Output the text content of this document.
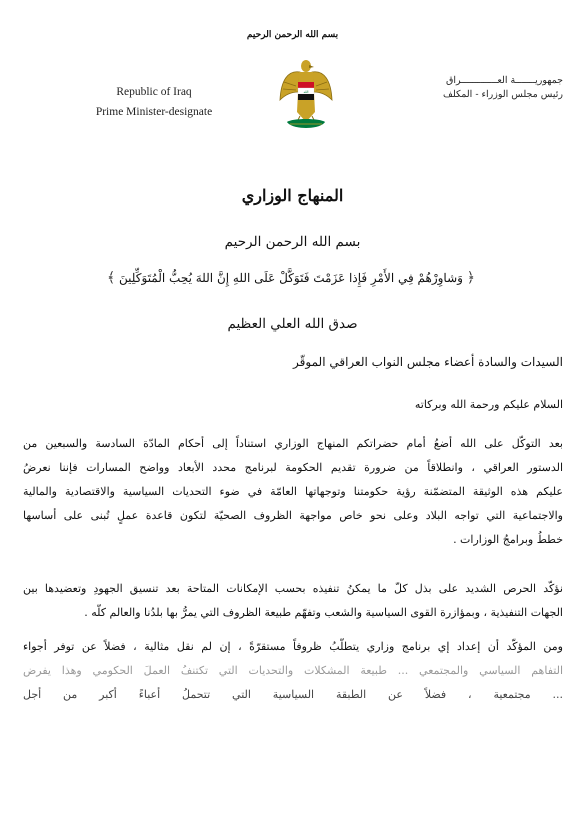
بسم الله الرحمن الرحيم
Republic of Iraq
Prime Minister-designate
الله
جمهوريـــــــة العـــــــــــــراق
رئيس مجلس الوزراء - المكلف
المنهاج الوزاري
بسم الله الرحمن الرحيم
﴿ وَشاوِرْهُمْ فِي الأَمْرِ فَإِذا عَزَمْتَ فَتَوَكَّلْ عَلَى اللهِ إِنَّ اللهَ يُحِبُّ الْمُتَوَكِّلِينَ ﴾
صدق الله العلي العظيم
السيدات والسادة أعضاء مجلس النواب العراقي الموقّر
السلام عليكم ورحمة الله وبركاته
بعد التوكّل على الله أضعُ أمام حضراتكم المنهاج الوزاري استناداً إلى أحكام المادّة السادسة والسبعين من
الدستور العراقي ، وانطلاقاً من ضرورة تقديم الحكومة لبرنامج محدد الأبعاد وواضح المسارات فإننا نعرضُ
عليكم هذه الوثيقة المتضمّنة رؤية حكومتنا وتوجهاتها العامّة في ضوء التحديات السياسية والاقتصادية والمالية
والاجتماعية التي تواجه البلاد وعلى نحو خاص مواجهة الظروف الصحيّة لتكون قاعدة عملٍ تُبنى على أساسها
خططُ وبرامجُ الوزارات .
نؤكّد الحرص الشديد على بذل كلّ ما يمكنُ تنفيذه بحسب الإمكانات المتاحة بعد تنسيق الجهودِ وتعضيدها بين
الجهات التنفيذية ، وبمؤازرة القوى السياسية والشعب وتفهّم طبيعة الظروف التي يمرُّ بها بلدُنا والعالم كلّه .
ومن المؤكّد أن إعداد إي برنامج وزاري يتطلّبُ ظروفاً مستقرّةً ، إن لم نقل مثالية ، فضلاً عن توفر أجواء
التفاهم السياسي والمجتمعي ... طبيعة المشكلات والتحديات التي تكتنفُ العملَ الحكومي وهذا يفرض
... مجتمعية ، فضلاً عن الطبقة السياسية التي تتحملُ أعباءً أكبر من أجل
